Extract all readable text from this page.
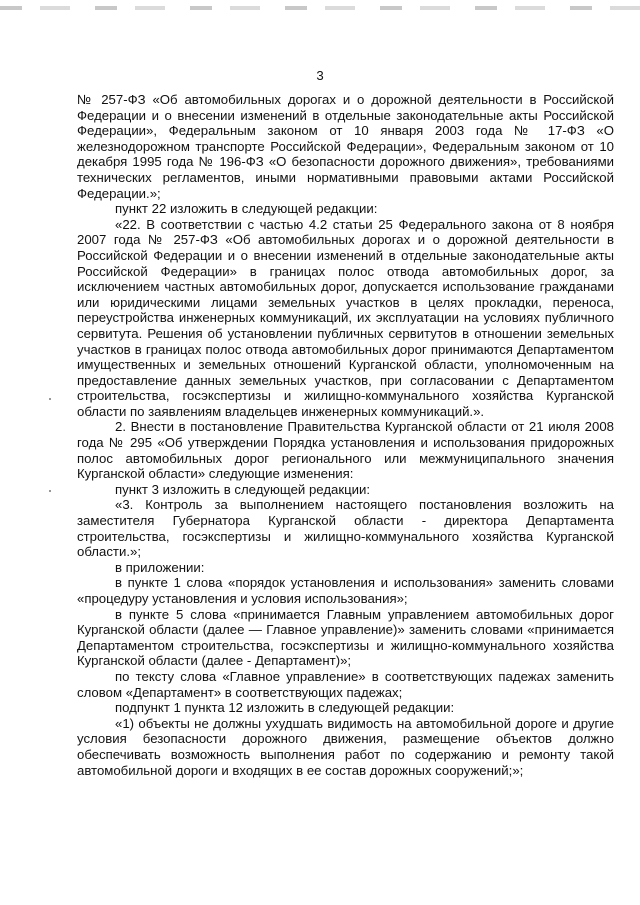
3

№ 257-ФЗ «Об автомобильных дорогах и о дорожной деятельности в Российской Федерации и о внесении изменений в отдельные законодательные акты Российской Федерации», Федеральным законом от 10 января 2003 года № 17-ФЗ «О железнодорожном транспорте Российской Федерации», Федеральным законом от 10 декабря 1995 года № 196-ФЗ «О безопасности дорожного движения», требованиями технических регламентов, иными нормативными правовыми актами Российской Федерации.»;

пункт 22 изложить в следующей редакции:

«22. В соответствии с частью 4.2 статьи 25 Федерального закона от 8 ноября 2007 года № 257-ФЗ «Об автомобильных дорогах и о дорожной деятельности в Российской Федерации и о внесении изменений в отдельные законодательные акты Российской Федерации» в границах полос отвода автомобильных дорог, за исключением частных автомобильных дорог, допускается использование гражданами или юридическими лицами земельных участков в целях прокладки, переноса, переустройства инженерных коммуникаций, их эксплуатации на условиях публичного сервитута. Решения об установлении публичных сервитутов в отношении земельных участков в границах полос отвода автомобильных дорог принимаются Департаментом имущественных и земельных отношений Курганской области, уполномоченным на предоставление данных земельных участков, при согласовании с Департаментом строительства, госэкспертизы и жилищно-коммунального хозяйства Курганской области по заявлениям владельцев инженерных коммуникаций.».

2. Внести в постановление Правительства Курганской области от 21 июля 2008 года № 295 «Об утверждении Порядка установления и использования придорожных полос автомобильных дорог регионального или межмуниципального значения Курганской области» следующие изменения:

пункт 3 изложить в следующей редакции:

«3. Контроль за выполнением настоящего постановления возложить на заместителя Губернатора Курганской области - директора Департамента строительства, госэкспертизы и жилищно-коммунального хозяйства Курганской области.»;

в приложении:

в пункте 1 слова «порядок установления и использования» заменить словами «процедуру установления и условия использования»;

в пункте 5 слова «принимается Главным управлением автомобильных дорог Курганской области (далее — Главное управление)» заменить словами «принимается Департаментом строительства, госэкспертизы и жилищно-коммунального хозяйства Курганской области (далее - Департамент)»;

по тексту слова «Главное управление» в соответствующих падежах заменить словом «Департамент» в соответствующих падежах;

подпункт 1 пункта 12 изложить в следующей редакции:

«1) объекты не должны ухудшать видимость на автомобильной дороге и другие условия безопасности дорожного движения, размещение объектов должно обеспечивать возможность выполнения работ по содержанию и ремонту такой автомобильной дороги и входящих в ее состав дорожных сооружений;»;
